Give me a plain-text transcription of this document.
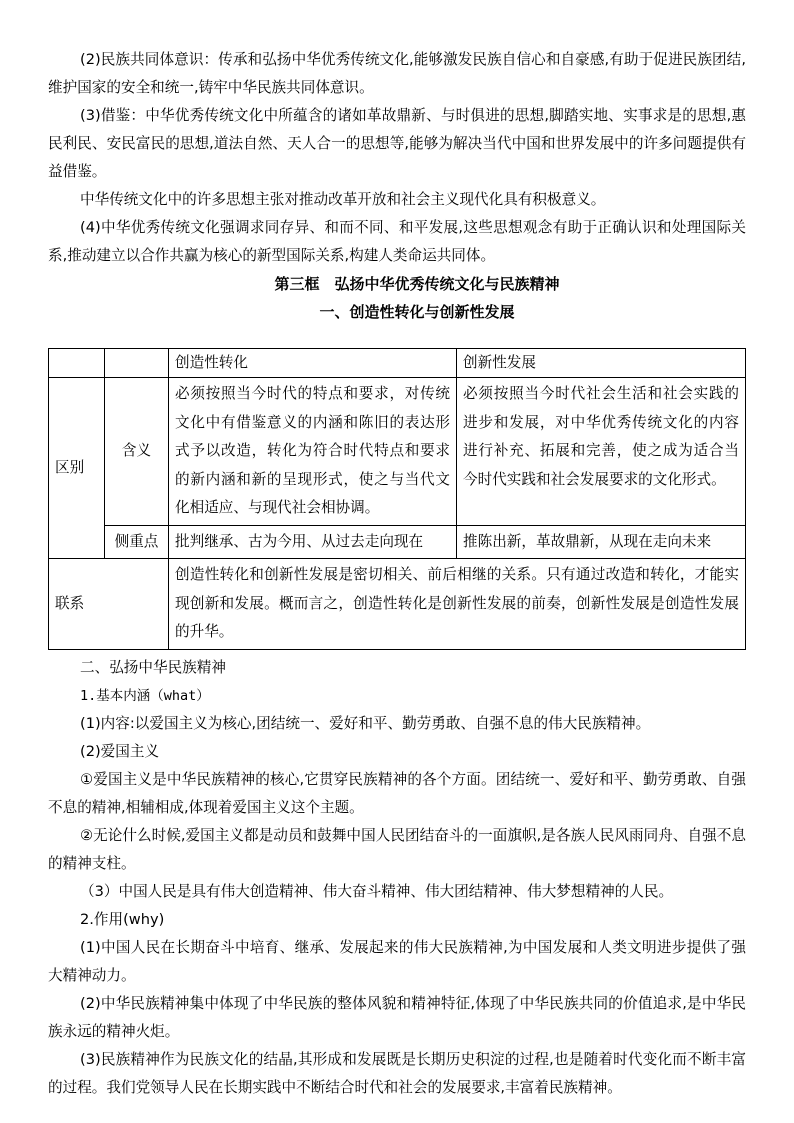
(2)民族共同体意识：传承和弘扬中华优秀传统文化,能够激发民族自信心和自豪感,有助于促进民族团结,维护国家的安全和统一,铸牢中华民族共同体意识。

(3)借鉴：中华优秀传统文化中所蕴含的诸如革故鼎新、与时俱进的思想,脚踏实地、实事求是的思想,惠民利民、安民富民的思想,道法自然、天人合一的思想等,能够为解决当代中国和世界发展中的许多问题提供有益借鉴。

中华传统文化中的许多思想主张对推动改革开放和社会主义现代化具有积极意义。

(4)中华优秀传统文化强调求同存异、和而不同、和平发展,这些思想观念有助于正确认识和处理国际关系,推动建立以合作共赢为核心的新型国际关系,构建人类命运共同体。

第三框　弘扬中华优秀传统文化与民族精神

一、创造性转化与创新性发展

		创造性转化	创新性发展
区别	含义	必须按照当今时代的特点和要求，对传统文化中有借鉴意义的内涵和陈旧的表达形式予以改造，转化为符合时代特点和要求的新内涵和新的呈现形式，使之与当代文化相适应、与现代社会相协调。	必须按照当今时代社会生活和社会实践的进步和发展，对中华优秀传统文化的内容进行补充、拓展和完善，使之成为适合当今时代实践和社会发展要求的文化形式。
	侧重点	批判继承、古为今用、从过去走向现在	推陈出新，革故鼎新，从现在走向未来
联系		创造性转化和创新性发展是密切相关、前后相继的关系。只有通过改造和转化，才能实现创新和发展。概而言之，创造性转化是创新性发展的前奏，创新性发展是创造性发展的升华。	

二、弘扬中华民族精神

1.基本内涵（what）

(1)内容:以爱国主义为核心,团结统一、爱好和平、勤劳勇敢、自强不息的伟大民族精神。

(2)爱国主义

①爱国主义是中华民族精神的核心,它贯穿民族精神的各个方面。团结统一、爱好和平、勤劳勇敢、自强不息的精神,相辅相成,体现着爱国主义这个主题。

②无论什么时候,爱国主义都是动员和鼓舞中国人民团结奋斗的一面旗帜,是各族人民风雨同舟、自强不息的精神支柱。

（3）中国人民是具有伟大创造精神、伟大奋斗精神、伟大团结精神、伟大梦想精神的人民。

2.作用(why)

(1)中国人民在长期奋斗中培育、继承、发展起来的伟大民族精神,为中国发展和人类文明进步提供了强大精神动力。

(2)中华民族精神集中体现了中华民族的整体风貌和精神特征,体现了中华民族共同的价值追求,是中华民族永远的精神火炬。

(3)民族精神作为民族文化的结晶,其形成和发展既是长期历史积淀的过程,也是随着时代变化而不断丰富的过程。我们党领导人民在长期实践中不断结合时代和社会的发展要求,丰富着民族精神。
